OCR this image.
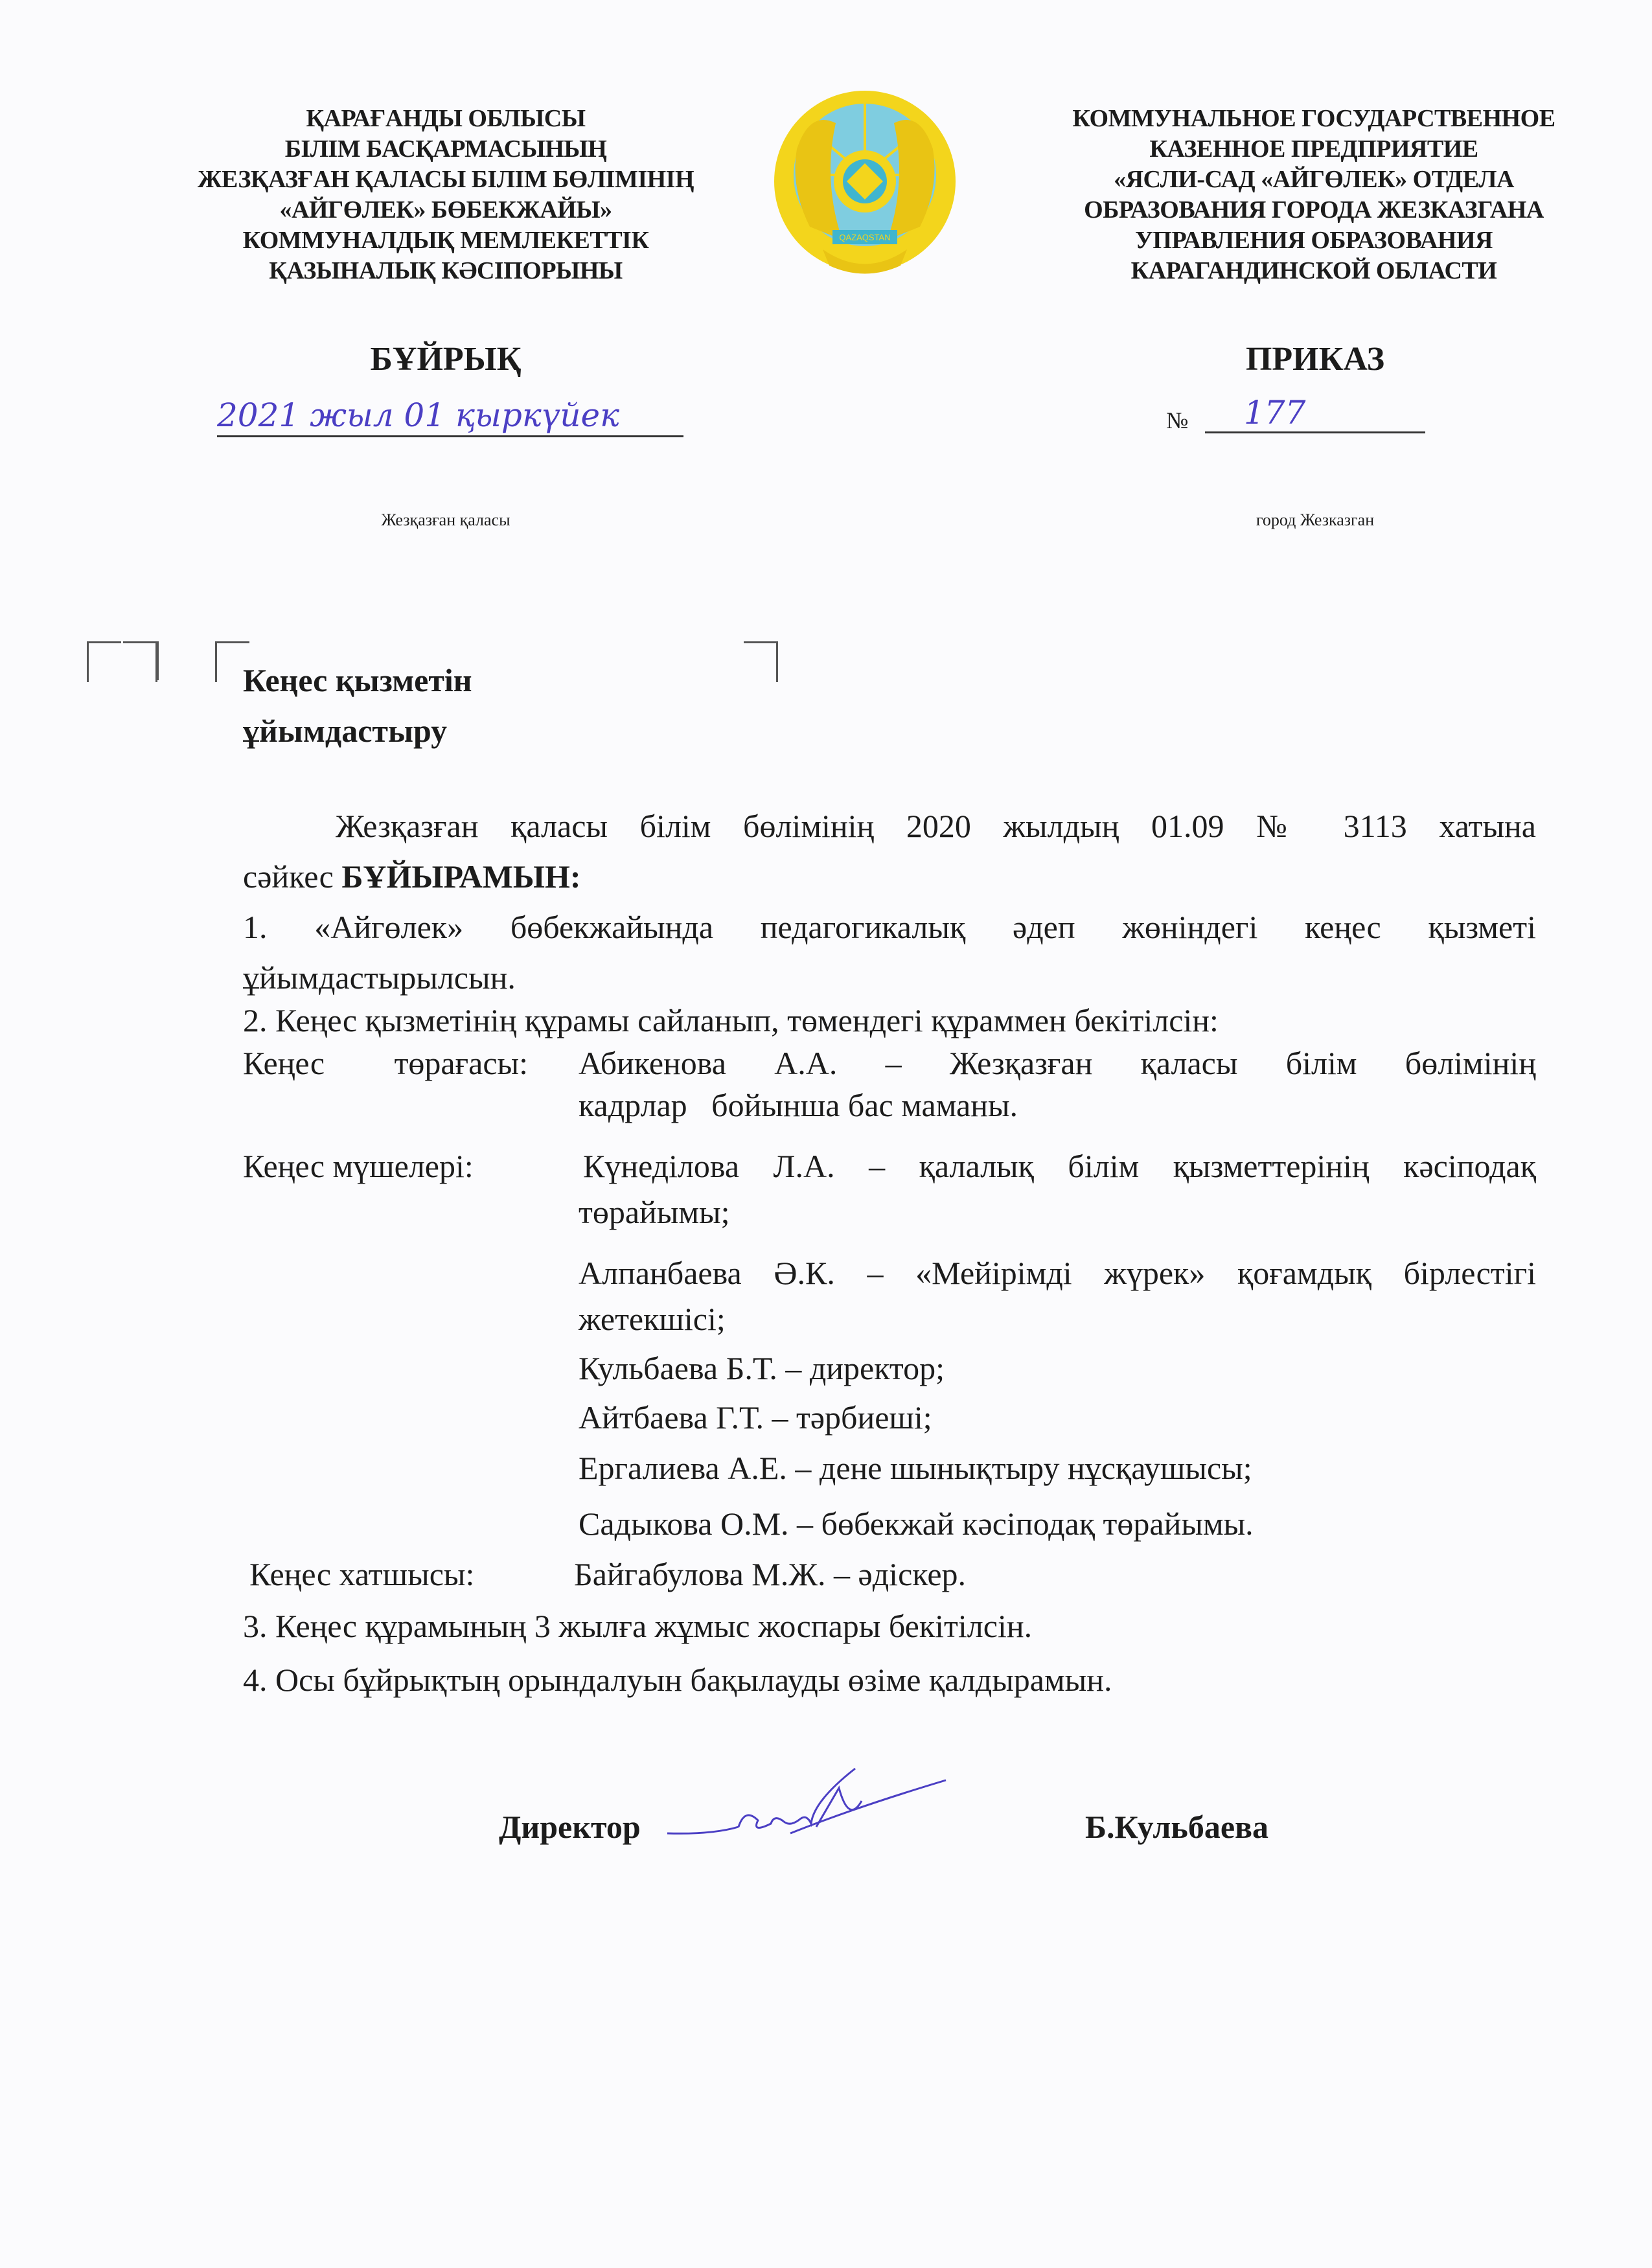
ҚАРАҒАНДЫ ОБЛЫСЫ
БІЛІМ БАСҚАРМАСЫНЫҢ
ЖЕЗҚАЗҒАН ҚАЛАСЫ БІЛІМ БӨЛІМІНІҢ
«АЙГӨЛЕК» БӨБЕКЖАЙЫ»
КОММУНАЛДЫҚ МЕМЛЕКЕТТІК
ҚАЗЫНАЛЫҚ КӘСІПОРЫНЫ
QAZAQSTAN
КОММУНАЛЬНОЕ ГОСУДАРСТВЕННОЕ
КАЗЕННОЕ ПРЕДПРИЯТИЕ
«ЯСЛИ-САД «АЙГӨЛЕК» ОТДЕЛА
ОБРАЗОВАНИЯ ГОРОДА ЖЕЗКАЗГАНА
УПРАВЛЕНИЯ ОБРАЗОВАНИЯ
КАРАГАНДИНСКОЙ ОБЛАСТИ
БҰЙРЫҚ	ПРИКАЗ
2021 жыл 01 қыркүйек	№	177
Жезқазған қаласы	город Жезказган
Кеңес қызметін
ұйымдастыру
Жезқазған қаласы білім бөлімінің 2020 жылдың 01.09 № 3113 хатына
сәйкес БҰЙЫРАМЫН:
1. «Айгөлек» бөбекжайында педагогикалық әдеп жөніндегі кеңес қызметі
ұйымдастырылсын.
2. Кеңес қызметінің құрамы сайланып, төмендегі құраммен бекітілсін:
Кеңес төрағасы: Абикенова А.А. – Жезқазған қаласы білім бөлімінің
кадрлар   бойынша бас маманы.
Кеңес мүшелері:	Күнеділова Л.А. – қалалық білім қызметтерінің кәсіподақ
төрайымы;
Алпанбаева Ә.К. – «Мейірімді жүрек» қоғамдық бірлестігі
жетекшісі;
Кульбаева Б.Т. – директор;
Айтбаева Г.Т. – тәрбиеші;
Ергалиева А.Е. – дене шынықтыру нұсқаушысы;
Садыкова О.М. – бөбекжай кәсіподақ төрайымы.
Кеңес хатшысы:	Байгабулова М.Ж. – әдіскер.
3. Кеңес құрамының 3 жылға жұмыс жоспары бекітілсін.
4. Осы бұйрықтың орындалуын бақылауды өзіме қалдырамын.
Директор	Б.Кульбаева
